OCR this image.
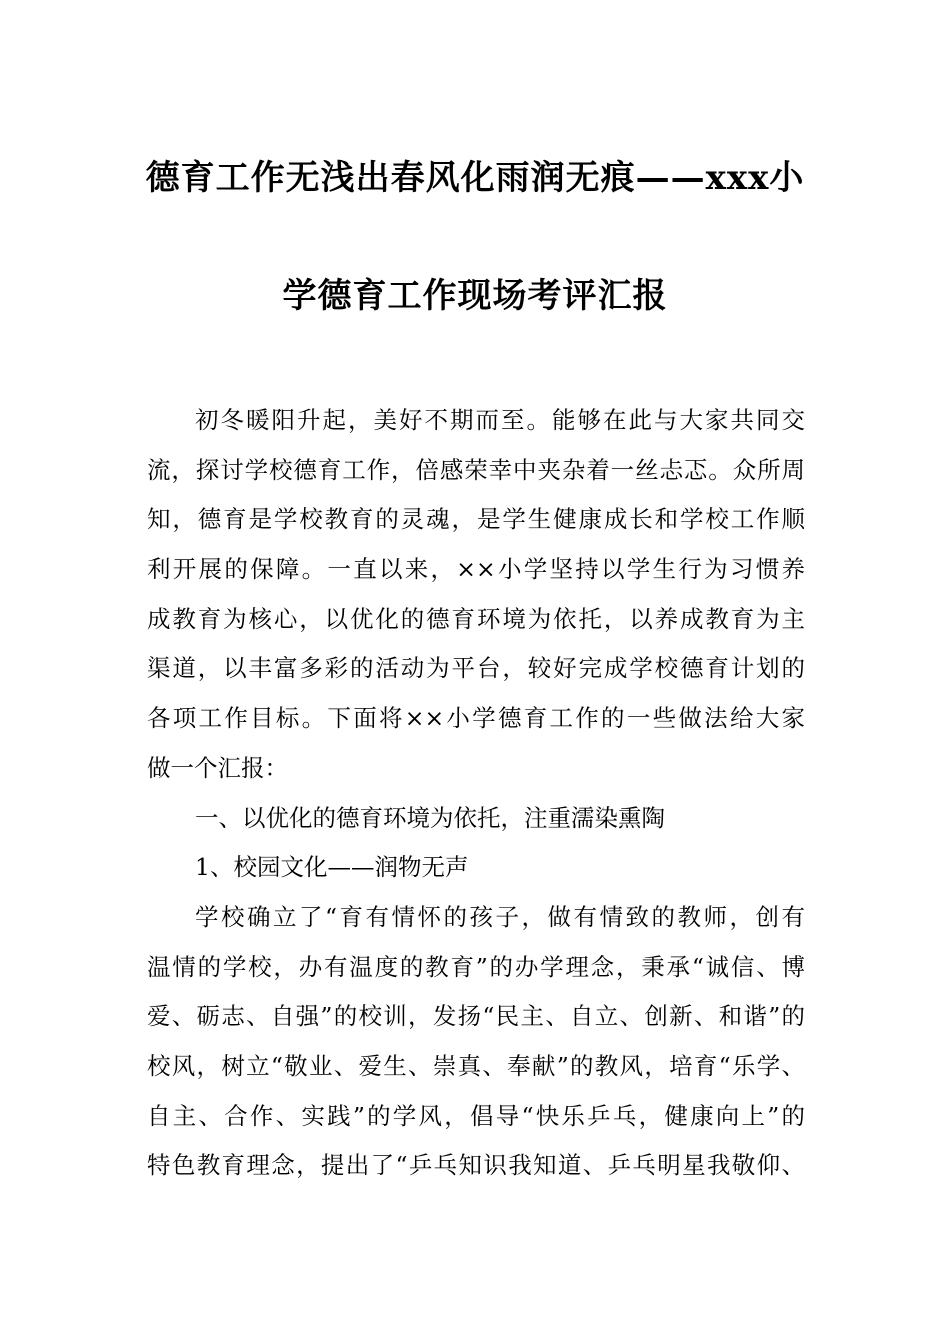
德育工作无浅出春风化雨润无痕——xxx小
学德育工作现场考评汇报
初冬暖阳升起，美好不期而至。能够在此与大家共同交
流，探讨学校德育工作，倍感荣幸中夹杂着一丝忐忑。众所周
知，德育是学校教育的灵魂，是学生健康成长和学校工作顺
利开展的保障。一直以来，××小学坚持以学生行为习惯养
成教育为核心，以优化的德育环境为依托，以养成教育为主
渠道，以丰富多彩的活动为平台，较好完成学校德育计划的
各项工作目标。下面将××小学德育工作的一些做法给大家
做一个汇报：
一、以优化的德育环境为依托，注重濡染熏陶
1、校园文化——润物无声
学校确立了“育有情怀的孩子，做有情致的教师，创有
温情的学校，办有温度的教育”的办学理念，秉承“诚信、博
爱、砺志、自强”的校训，发扬“民主、自立、创新、和谐”的
校风，树立“敬业、爱生、崇真、奉献”的教风，培育“乐学、
自主、合作、实践”的学风，倡导“快乐乒乓，健康向上”的
特色教育理念，提出了“乒乓知识我知道、乒乓明星我敬仰、
